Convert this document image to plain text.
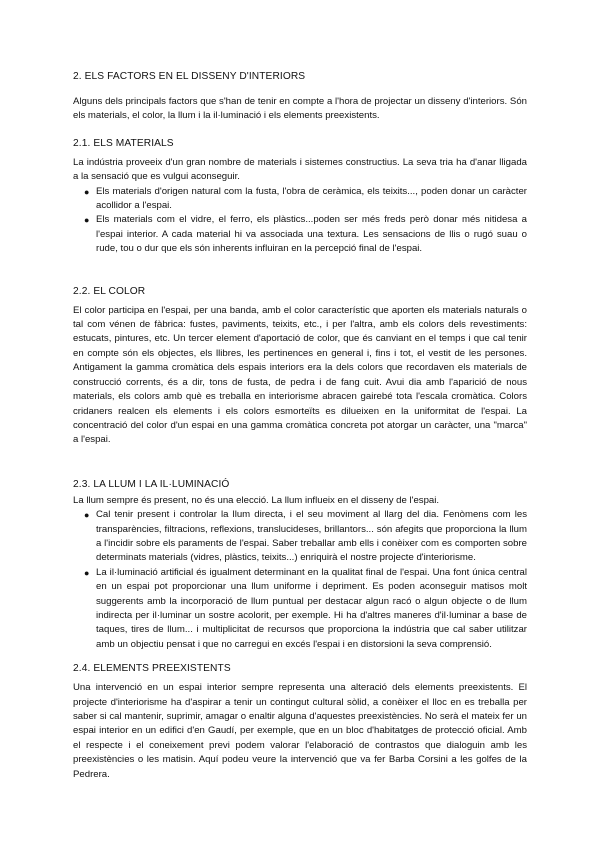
2. ELS FACTORS EN EL DISSENY D'INTERIORS

Alguns dels principals factors que s'han de tenir en compte a l'hora de projectar un disseny d'interiors. Són els materials, el color, la llum i la il·luminació i els elements preexistents.

2.1. ELS MATERIALS

La indústria proveeix d'un gran nombre de materials i sistemes constructius. La seva tria ha d'anar lligada a la sensació que es vulgui aconseguir.

● Els materials d'origen natural com la fusta, l'obra de ceràmica, els teixits..., poden donar un caràcter acollidor a l'espai.
● Els materials com el vidre, el ferro, els plàstics...poden ser més freds però donar més nitidesa a l'espai interior. A cada material hi va associada una textura. Les sensacions de llis o rugó suau o rude, tou o dur que els són inherents influiran en la percepció final de l'espai.
2.2. EL COLOR

El color participa en l'espai, per una banda, amb el color característic que aporten els materials naturals o tal com vénen de fàbrica: fustes, paviments, teixits, etc., i per l'altra, amb els colors dels revestiments: estucats, pintures, etc. Un tercer element d'aportació de color, que és canviant en el temps i que cal tenir en compte són els objectes, els llibres, les pertinences en general i, fins i tot, el vestit de les persones. Antigament la gamma cromàtica dels espais interiors era la dels colors que recordaven els materials de construcció corrents, és a dir, tons de fusta, de pedra i de fang cuit. Avui dia amb l'aparició de nous materials, els colors amb què es treballa en interiorisme abracen gairebé tota l'escala cromàtica. Colors cridaners realcen els elements i els colors esmorteïts es dilueixen en la uniformitat de l'espai. La concentració del color d'un espai en una gamma cromàtica concreta pot atorgar un caràcter, una "marca" a l'espai.

2.3. LA LLUM I LA IL·LUMINACIÓ

La llum sempre és present, no és una elecció. La llum influeix en el disseny de l'espai.

● Cal tenir present i controlar la llum directa, i el seu moviment al llarg del dia. Fenòmens com les transparències, filtracions, reflexions, translucideses, brillantors... són afegits que proporciona la llum a l'incidir sobre els paraments de l'espai. Saber treballar amb ells i conèixer com es comporten sobre determinats materials (vidres, plàstics, teixits...) enriquirà el nostre projecte d'interiorisme.
● La il·luminació artificial és igualment determinant en la qualitat final de l'espai. Una font única central en un espai pot proporcionar una llum uniforme i depriment. Es poden aconseguir matisos molt suggerents amb la incorporació de llum puntual per destacar algun racó o algun objecte o de llum indirecta per il·luminar un sostre acolorit, per exemple. Hi ha d'altres maneres d'il·luminar a base de taques, tires de llum... i multiplicitat de recursos que proporciona la indústria que cal saber utilitzar amb un objectiu pensat i que no carregui en excés l'espai i en distorsioni la seva comprensió.
2.4. ELEMENTS PREEXISTENTS

Una intervenció en un espai interior sempre representa una alteració dels elements preexistents. El projecte d'interiorisme ha d'aspirar a tenir un contingut cultural sòlid, a conèixer el lloc en es treballa per saber si cal mantenir, suprimir, amagar o enaltir alguna d'aquestes preexistències. No serà el mateix fer un espai interior en un edifici d'en Gaudí, per exemple, que en un bloc d'habitatges de protecció oficial. Amb el respecte i el coneixement previ podem valorar l'elaboració de contrastos que dialoguin amb les preexistències o les matisin. Aquí podeu veure la intervenció que va fer Barba Corsini a les golfes de la Pedrera.
